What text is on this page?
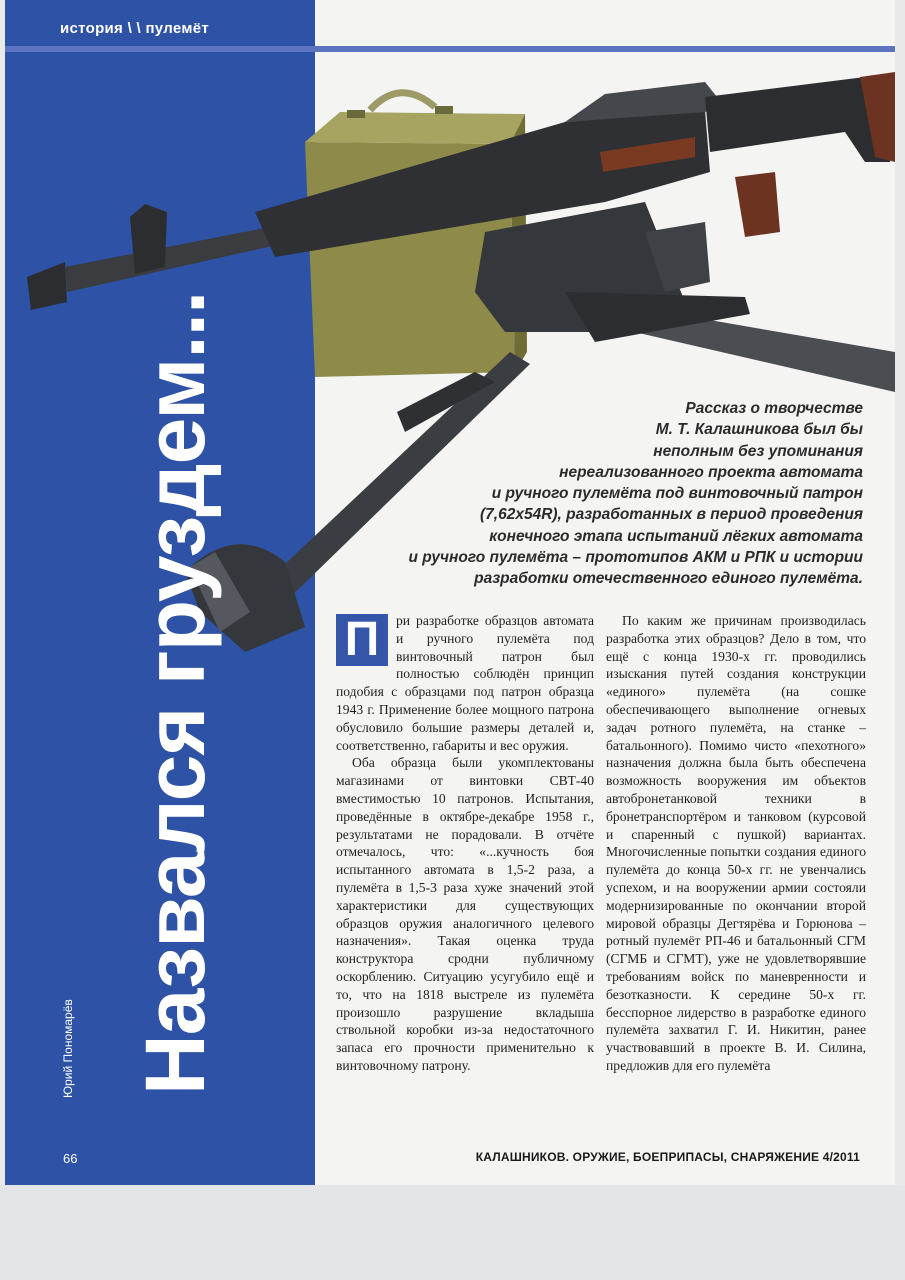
история \ \ пулемёт
Назвался груздем...
Юрий Пономарёв
66
Рассказ о творчестве
М. Т. Калашникова был бы
неполным без упоминания
нереализованного проекта автомата
и ручного пулемёта под винтовочный патрон
(7,62х54R), разработанных в период проведения
конечного этапа испытаний лёгких автомата
и ручного пулемёта – прототипов АКМ и РПК и истории
разработки отечественного единого пулемёта.
П	ри разработке образцов автомата и ручного пулемёта под винтовочный патрон был полностью соблюдён принцип подобия с образцами под патрон образца 1943 г. Применение более мощного патрона обусловило большие размеры деталей и, соответственно, габариты и вес оружия.

Оба образца были укомплектованы магазинами от винтовки СВТ-40 вместимостью 10 патронов. Испытания, проведённые в октябре-декабре 1958 г., результатами не порадовали. В отчёте отмечалось, что: «...кучность боя испытанного автомата в 1,5-2 раза, а пулемёта в 1,5-3 раза хуже значений этой характеристики для существующих образцов оружия аналогичного целевого назначения». Такая оценка труда конструктора сродни публичному оскорблению. Ситуацию усугубило ещё и то, что на 1818 выстреле из пулемёта произошло разрушение вкладыша ствольной коробки из-за недостаточного запаса его прочности применительно к винтовочному патрону.

По каким же причинам производилась разработка этих образцов? Дело в том, что ещё с конца 1930-х гг. проводились изыскания путей создания конструкции «единого» пулемёта (на сошке обеспечивающего выполнение огневых задач ротного пулемёта, на станке – батальонного). Помимо чисто «пехотного» назначения должна была быть обеспечена возможность вооружения им объектов автобронетанковой техники в бронетранспортёром и танковом (курсовой и спаренный с пушкой) вариантах. Многочисленные попытки создания единого пулемёта до конца 50-х гг. не увенчались успехом, и на вооружении армии состояли модернизированные по окончании второй мировой образцы Дегтярёва и Горюнова – ротный пулемёт РП-46 и батальонный СГМ (СГМБ и СГМТ), уже не удовлетворявшие требованиям войск по маневренности и безотказности. К середине 50-х гг. бесспорное лидерство в разработке единого пулемёта захватил Г. И. Никитин, ранее участвовавший в проекте В. И. Силина, предложив для его пулемёта

КАЛАШНИКОВ. ОРУЖИЕ, БОЕПРИПАСЫ, СНАРЯЖЕНИЕ 4/2011
